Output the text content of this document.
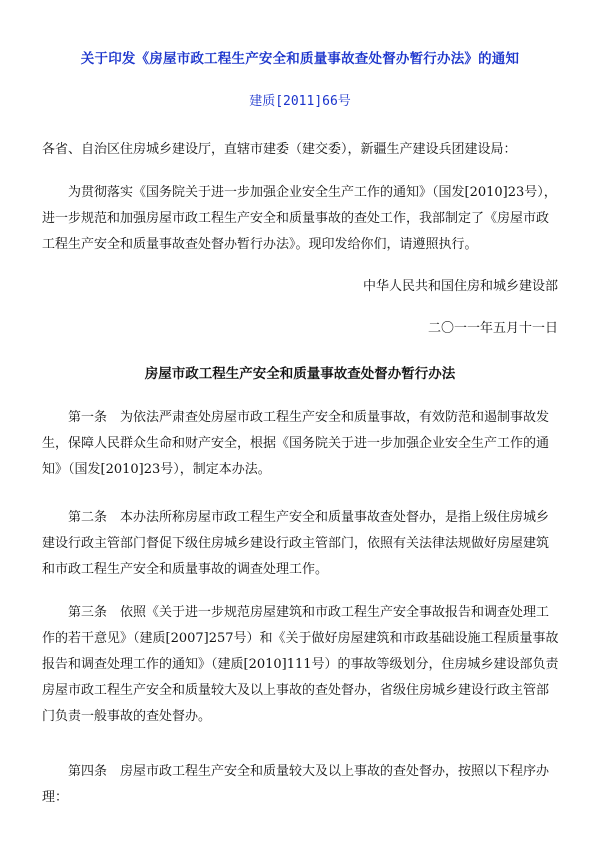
关于印发《房屋市政工程生产安全和质量事故查处督办暂行办法》的通知
建质[2011]66号
各省、自治区住房城乡建设厅，直辖市建委（建交委），新疆生产建设兵团建设局：
为贯彻落实《国务院关于进一步加强企业安全生产工作的通知》（国发[2010]23号），进一步规范和加强房屋市政工程生产安全和质量事故的查处工作，我部制定了《房屋市政工程生产安全和质量事故查处督办暂行办法》。现印发给你们，请遵照执行。
中华人民共和国住房和城乡建设部
二〇一一年五月十一日
房屋市政工程生产安全和质量事故查处督办暂行办法
第一条　为依法严肃查处房屋市政工程生产安全和质量事故，有效防范和遏制事故发生，保障人民群众生命和财产安全，根据《国务院关于进一步加强企业安全生产工作的通知》（国发[2010]23号），制定本办法。
第二条　本办法所称房屋市政工程生产安全和质量事故查处督办，是指上级住房城乡建设行政主管部门督促下级住房城乡建设行政主管部门，依照有关法律法规做好房屋建筑和市政工程生产安全和质量事故的调查处理工作。
第三条　依照《关于进一步规范房屋建筑和市政工程生产安全事故报告和调查处理工作的若干意见》（建质[2007]257号）和《关于做好房屋建筑和市政基础设施工程质量事故报告和调查处理工作的通知》（建质[2010]111号）的事故等级划分，住房城乡建设部负责房屋市政工程生产安全和质量较大及以上事故的查处督办，省级住房城乡建设行政主管部门负责一般事故的查处督办。
第四条　房屋市政工程生产安全和质量较大及以上事故的查处督办，按照以下程序办理：
